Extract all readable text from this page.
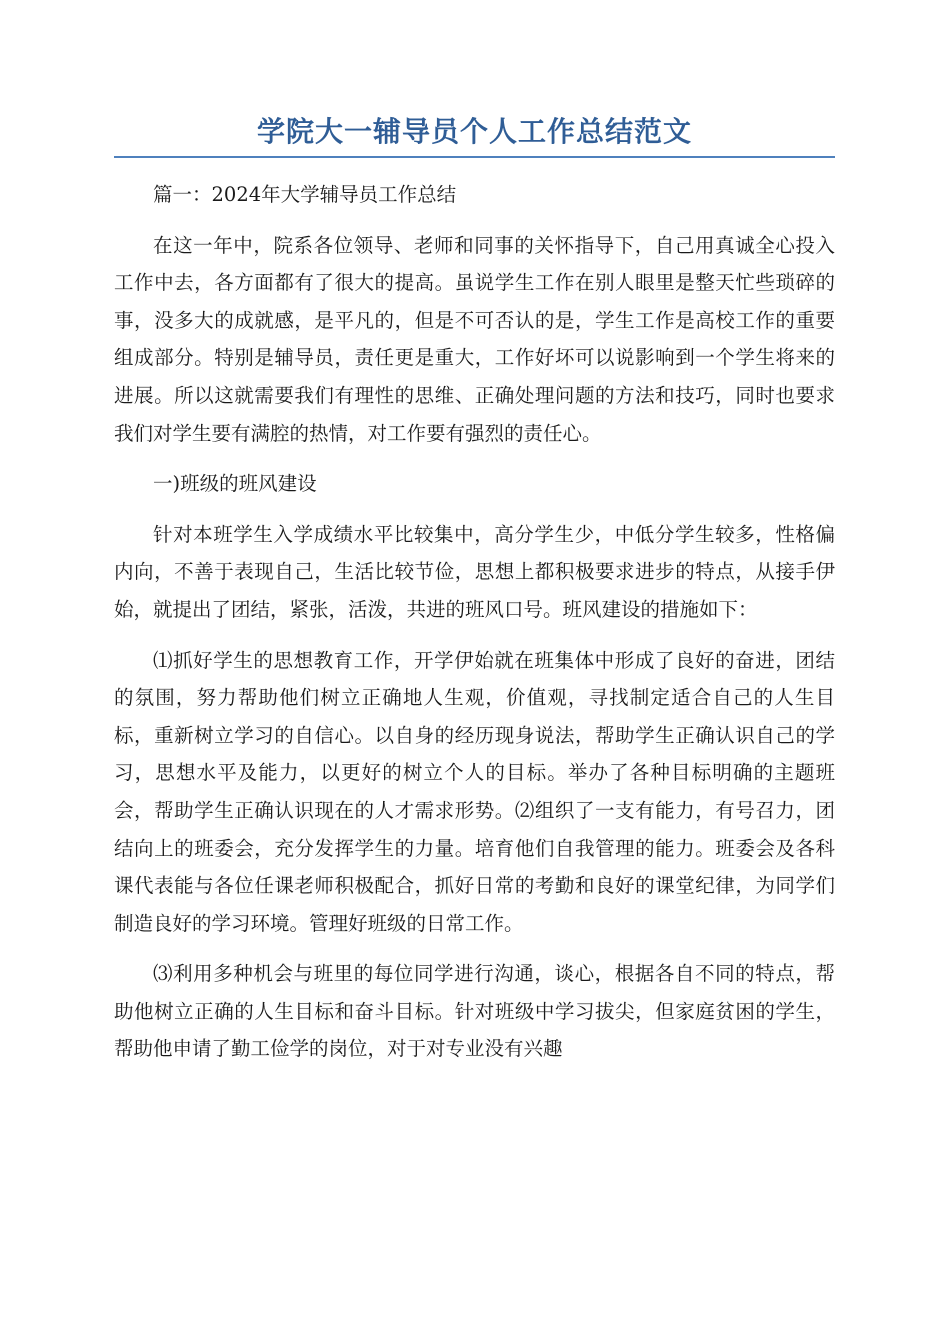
学院大一辅导员个人工作总结范文

篇一：2024年大学辅导员工作总结

在这一年中，院系各位领导、老师和同事的关怀指导下，自己用真诚全心投入工作中去，各方面都有了很大的提高。虽说学生工作在别人眼里是整天忙些琐碎的事，没多大的成就感，是平凡的，但是不可否认的是，学生工作是高校工作的重要组成部分。特别是辅导员，责任更是重大，工作好坏可以说影响到一个学生将来的进展。所以这就需要我们有理性的思维、正确处理问题的方法和技巧，同时也要求我们对学生要有满腔的热情，对工作要有强烈的责任心。

一)班级的班风建设

针对本班学生入学成绩水平比较集中，高分学生少，中低分学生较多，性格偏内向，不善于表现自己，生活比较节俭，思想上都积极要求进步的特点，从接手伊始，就提出了团结，紧张，活泼，共进的班风口号。班风建设的措施如下：

⑴抓好学生的思想教育工作，开学伊始就在班集体中形成了良好的奋进，团结的氛围，努力帮助他们树立正确地人生观，价值观，寻找制定适合自己的人生目标，重新树立学习的自信心。以自身的经历现身说法，帮助学生正确认识自己的学习，思想水平及能力，以更好的树立个人的目标。举办了各种目标明确的主题班会，帮助学生正确认识现在的人才需求形势。⑵组织了一支有能力，有号召力，团结向上的班委会，充分发挥学生的力量。培育他们自我管理的能力。班委会及各科课代表能与各位任课老师积极配合，抓好日常的考勤和良好的课堂纪律，为同学们制造良好的学习环境。管理好班级的日常工作。

⑶利用多种机会与班里的每位同学进行沟通，谈心，根据各自不同的特点，帮助他树立正确的人生目标和奋斗目标。针对班级中学习拔尖，但家庭贫困的学生，帮助他申请了勤工俭学的岗位，对于对专业没有兴趣
